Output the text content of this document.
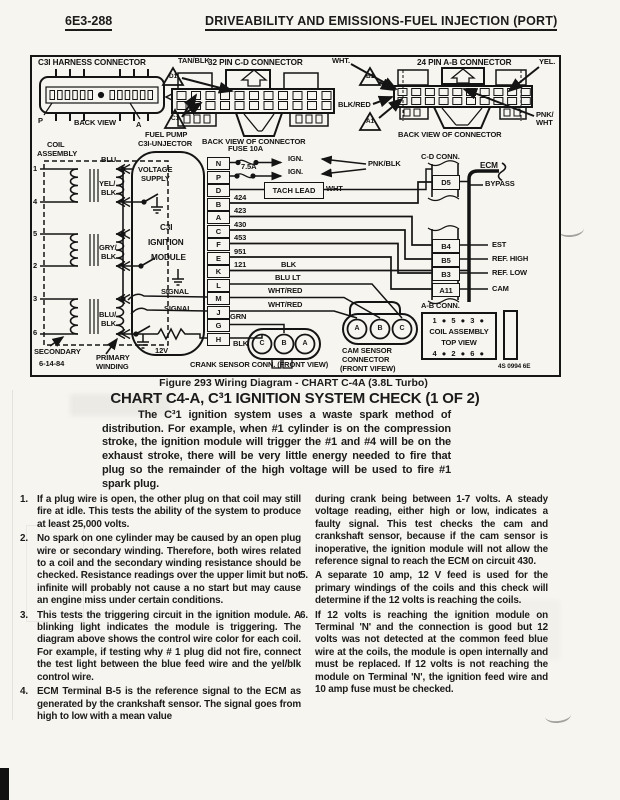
6E3-288	DRIVEABILITY AND EMISSIONS-FUEL INJECTION (PORT)
C3I HARNESS CONNECTOR	TAN/BLK
32 PIN C-D CONNECTOR	WHT.	24 PIN A-B CONNECTOR	YEL.
D1
P	BACK VIEW	A
C1
FUEL PUMP
C3I-UNJECTOR BACK VIEW OF CONNECTOR
B1
BLK/RED
A1
BACK VIEW OF CONNECTOR
PNK/
WHT
COIL
ASSEMBLY
1
4
5
2
3
6
BLU
YEL/
BLK
GRY/
BLK
BLU/
BLK
SECONDARY
6-14-84
PRIMARY
WINDING
VOLTAGE
SUPPLY
C3I
IGNITION
MODULE
SIGNAL
SIGNAL
12V
N
P
D
B
A
C
F
E
K
L
M
J
G
H
FUSE 10A
IGN.
7.5A
IGN.
PNK/BLK
TACH LEAD	WHT
424
423
430
453
951
121	BLK
BLU LT
WHT/RED
WHT/RED
GRN
BLK	C	B	A
CRANK SENSOR CONN. (FRONT VIEW)
A	B	C
CAM SENSOR
CONNECTOR
(FRONT VIFEW)
C-D CONN.
D5
ECM
BYPASS
B4
B5
B3
A11
EST
REF. HIGH
REF. LOW
CAM
A-B CONN.
1 ● 5 ● 3 ●
COIL ASSEMBLY
TOP VIEW
4 ● 2 ● 6 ●
4S 0994 6E
Figure 293 Wiring Diagram - CHART C-4A (3.8L Turbo)
CHART C4-A, C³1 IGNITION SYSTEM CHECK (1 OF 2)
The C³1 ignition system uses a waste spark method of distribution. For example, when #1 cylinder is on the compression stroke, the ignition module will trigger the #1 and #4 will be on the exhaust stroke, there will be very little energy needed to fire that plug so the remainder of the high voltage will be used to fire #1 spark plug.
1. If a plug wire is open, the other plug on that coil may still fire at idle. This tests the ability of the system to produce at least 25,000 volts.
2. No spark on one cylinder may be caused by an open plug wire or secondary winding. Therefore, both wires related to a coil and the secondary winding resistance should be checked. Resistance readings over the upper limit but not infinite will probably not cause a no start but may cause an engine miss under certain conditions.
3. This tests the triggering circuit in the ignition module. A blinking light indicates the module is triggering. The diagram above shows the control wire color for each coil. For example, if testing why # 1 plug did not fire, connect the test light between the blue feed wire and the yel/blk control wire.
4. ECM Terminal B-5 is the reference signal to the ECM as generated by the crankshaft sensor. The signal goes from high to low with a mean value
during crank being between 1-7 volts. A steady voltage reading, either high or low, indicates a faulty signal. This test checks the cam and crankshaft sensor, because if the cam sensor is inoperative, the ignition module will not allow the reference signal to reach the ECM on circuit 430.
5. A separate 10 amp, 12 V feed is used for the primary windings of the coils and this check will determine if the 12 volts is reaching the coils.
6. If 12 volts is reaching the ignition module on Terminal 'N' and the connection is good but 12 volts was not detected at the common feed blue wire at the coils, the module is open internally and must be replaced. If 12 volts is not reaching the module on Terminal 'N', the ignition feed wire and 10 amp fuse must be checked.
